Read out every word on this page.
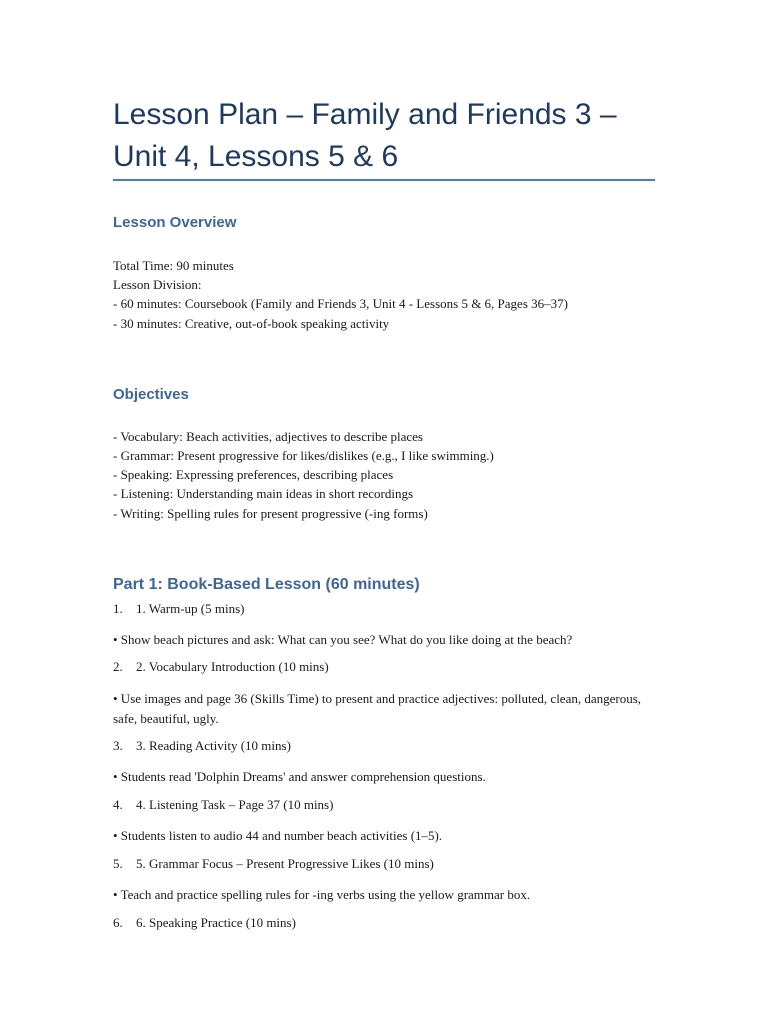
Lesson Plan – Family and Friends 3 – Unit 4, Lessons 5 & 6
Lesson Overview

Total Time: 90 minutes

Lesson Division:

- 60 minutes: Coursebook (Family and Friends 3, Unit 4 - Lessons 5 & 6, Pages 36–37)

- 30 minutes: Creative, out-of-book speaking activity

Objectives

- Vocabulary: Beach activities, adjectives to describe places

- Grammar: Present progressive for likes/dislikes (e.g., I like swimming.)

- Speaking: Expressing preferences, describing places

- Listening: Understanding main ideas in short recordings

- Writing: Spelling rules for present progressive (-ing forms)

Part 1: Book-Based Lesson (60 minutes)
1. 1. Warm-up (5 mins)

• Show beach pictures and ask: What can you see? What do you like doing at the beach?

2. 2. Vocabulary Introduction (10 mins)

• Use images and page 36 (Skills Time) to present and practice adjectives: polluted, clean, dangerous, safe, beautiful, ugly.

3. 3. Reading Activity (10 mins)

• Students read 'Dolphin Dreams' and answer comprehension questions.

4. 4. Listening Task – Page 37 (10 mins)

• Students listen to audio 44 and number beach activities (1–5).

5. 5. Grammar Focus – Present Progressive Likes (10 mins)

• Teach and practice spelling rules for -ing verbs using the yellow grammar box.

6. 6. Speaking Practice (10 mins)
